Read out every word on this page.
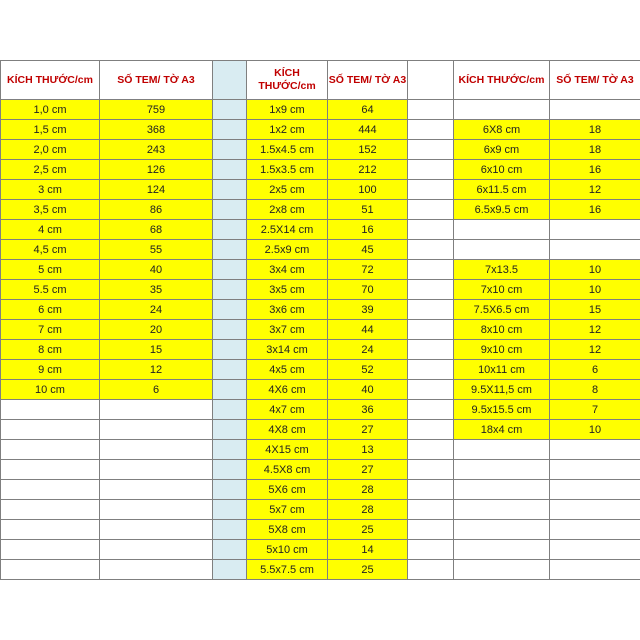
KÍCH THƯỚC/cm	SỐ TEM/ TỜ A3		KÍCH
THƯỚC/cm	SỐ TEM/ TỜ A3		KÍCH THƯỚC/cm	SỐ TEM/ TỜ A3
1,0 cm	759		1x9 cm	64			
1,5 cm	368		1x2 cm	444		6X8 cm	18
2,0 cm	243		1.5x4.5 cm	152		6x9 cm	18
2,5 cm	126		1.5x3.5 cm	212		6x10 cm	16
3 cm	124		2x5 cm	100		6x11.5 cm	12
3,5 cm	86		2x8 cm	51		6.5x9.5 cm	16
4 cm	68		2.5X14 cm	16			
4,5 cm	55		2.5x9 cm	45			
5 cm	40		3x4 cm	72		7x13.5	10
5.5 cm	35		3x5 cm	70		7x10 cm	10
6 cm	24		3x6 cm	39		7.5X6.5 cm	15
7 cm	20		3x7 cm	44		8x10 cm	12
8 cm	15		3x14 cm	24		9x10 cm	12
9 cm	12		4x5 cm	52		10x11 cm	6
10 cm	6		4X6 cm	40		9.5X11,5 cm	8
			4x7 cm	36		9.5x15.5 cm	7
			4X8 cm	27		18x4 cm	10
			4X15 cm	13			
			4.5X8 cm	27			
			5X6 cm	28			
			5x7 cm	28			
			5X8 cm	25			
			5x10 cm	14			
			5.5x7.5 cm	25			
